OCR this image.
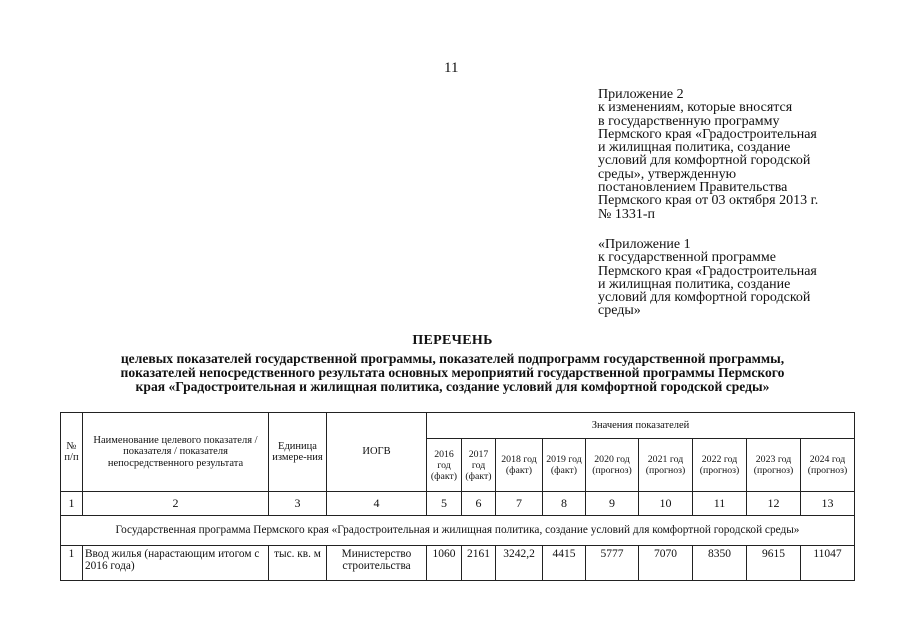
11
Приложение 2
к изменениям, которые вносятся
в государственную программу
Пермского края «Градостроительная
и жилищная политика, создание
условий для комфортной городской
среды», утвержденную
постановлением Правительства
Пермского края от 03 октября 2013 г.
№ 1331-п
«Приложение 1
к государственной программе
Пермского края «Градостроительная
и жилищная политика, создание
условий для комфортной городской
среды»
ПЕРЕЧЕНЬ
целевых показателей государственной программы, показателей подпрограмм государственной программы,
показателей непосредственного результата основных мероприятий государственной программы Пермского
края «Градостроительная и жилищная политика, создание условий для комфортной городской среды»
№ п/п	Наименование целевого показателя / показателя / показателя непосредственного результата	Единица измере-ния	ИОГВ	Значения показателей								
				2016 год (факт)	2017 год (факт)	2018 год (факт)	2019 год (факт)	2020 год (прогноз)	2021 год (прогноз)	2022 год (прогноз)	2023 год (прогноз)	2024 год (прогноз)
1	2	3	4	5	6	7	8	9	10	11	12	13
Государственная программа Пермского края «Градостроительная и жилищная политика, создание условий для комфортной городской среды»												
1	Ввод жилья (нарастающим итогом с 2016 года)	тыс. кв. м	Министерство строительства	1060	2161	3242,2	4415	5777	7070	8350	9615	11047
